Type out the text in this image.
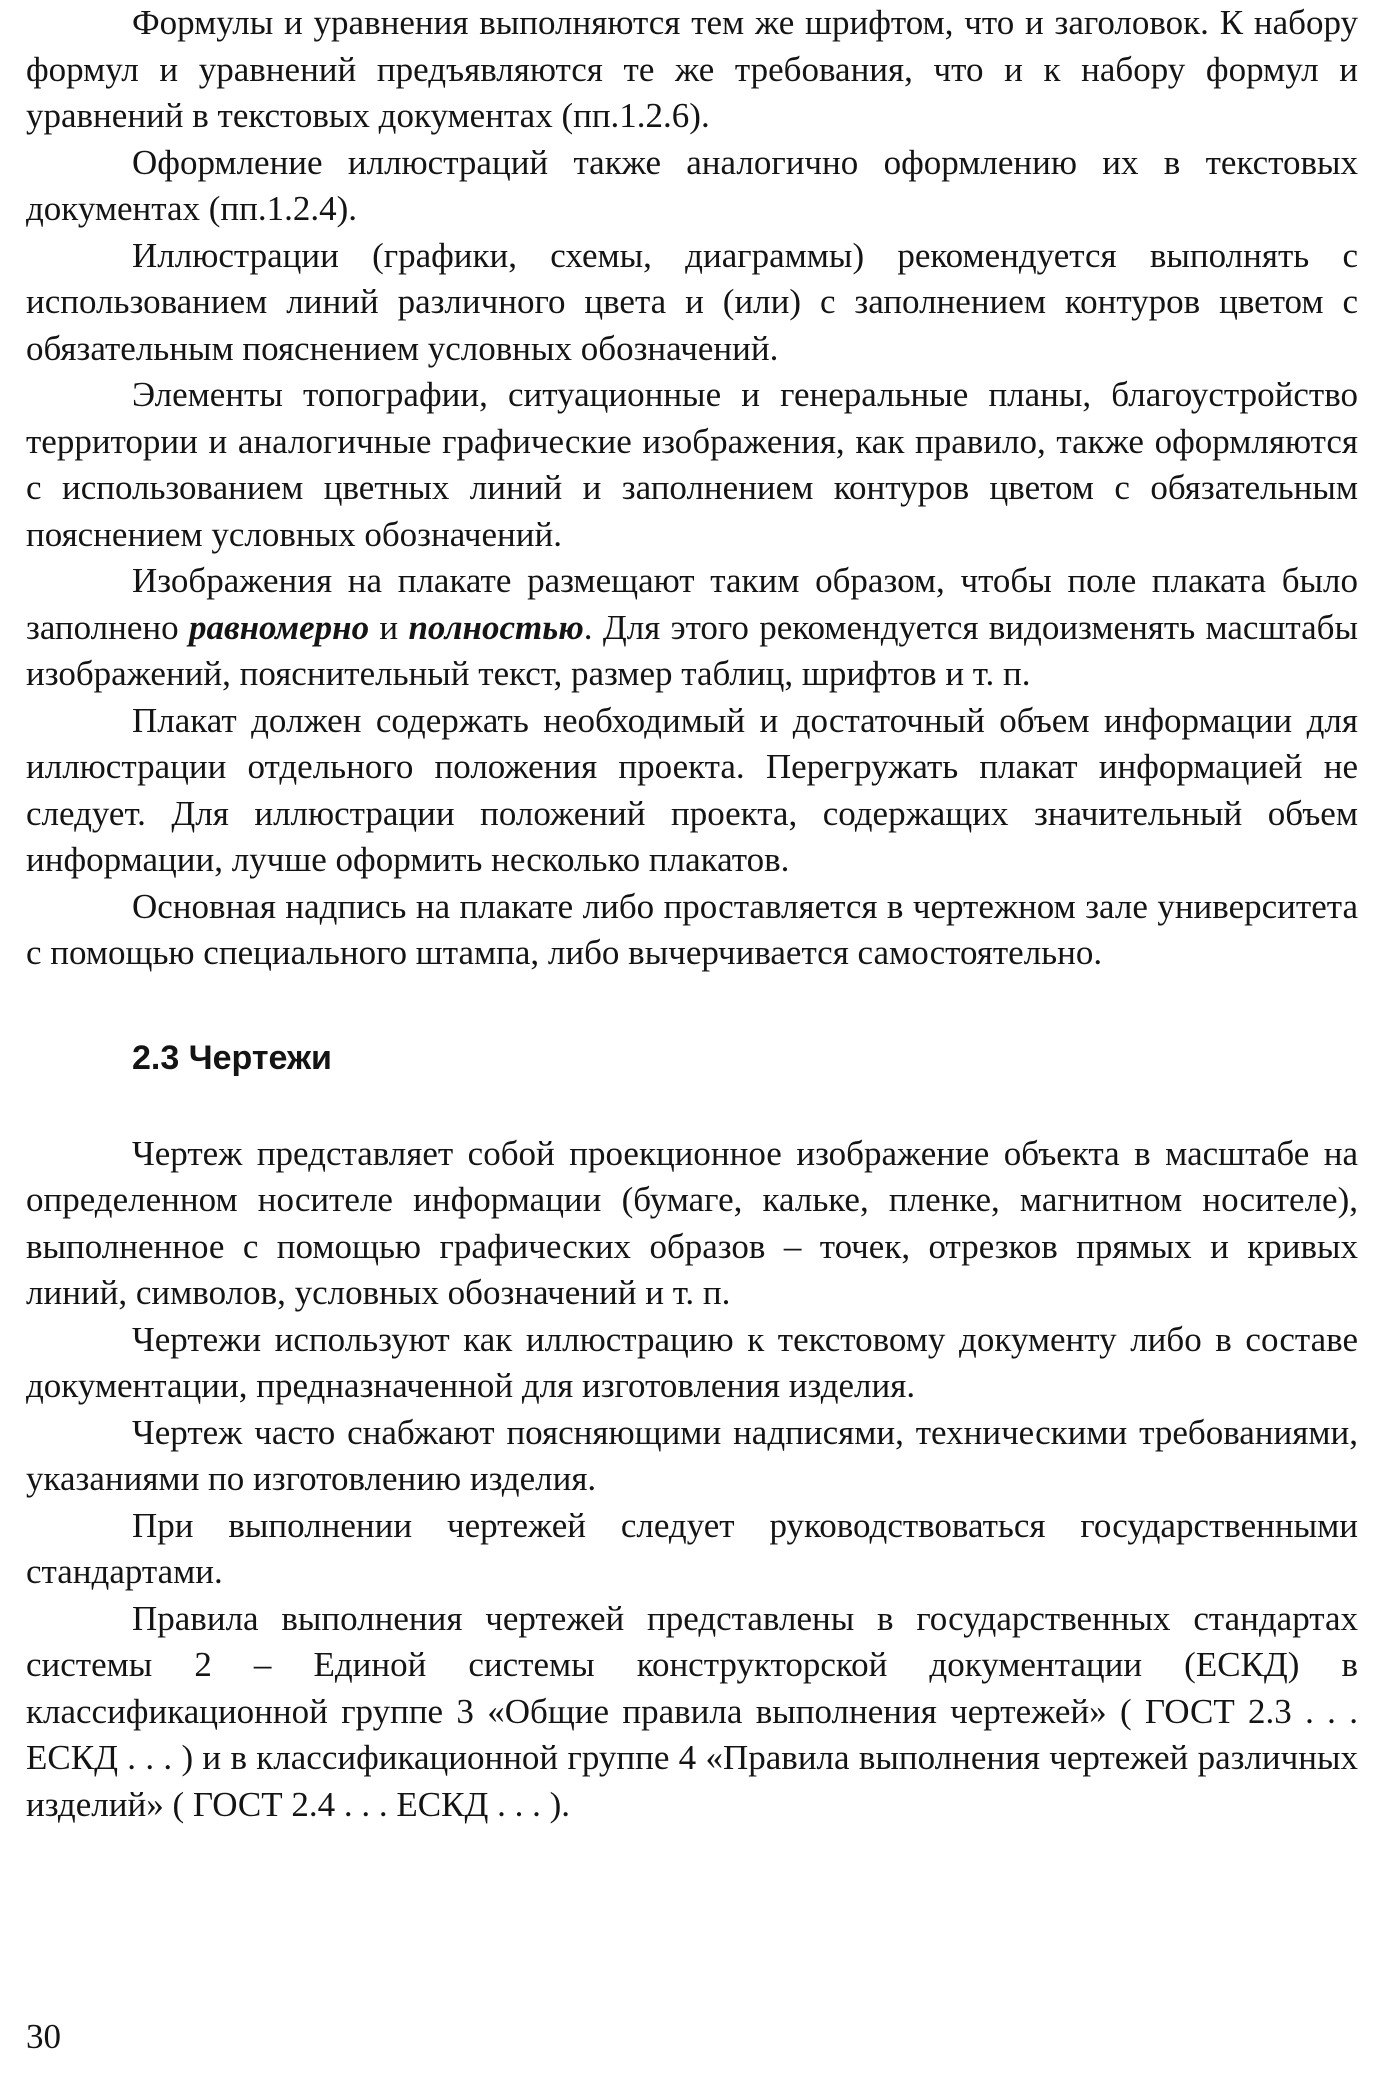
Формулы и уравнения выполняются тем же шрифтом, что и заголовок. К набору формул и уравнений предъявляются те же требования, что и к набору формул и уравнений в текстовых документах (пп.1.2.6).

Оформление иллюстраций также аналогично оформлению их в текстовых документах (пп.1.2.4).

Иллюстрации (графики, схемы, диаграммы) рекомендуется выполнять с использованием линий различного цвета и (или) с заполнением контуров цветом с обязательным пояснением условных обозначений.

Элементы топографии, ситуационные и генеральные планы, благоустройство территории и аналогичные графические изображения, как правило, также оформляются с использованием цветных линий и заполнением контуров цветом с обязательным пояснением условных обозначений.

Изображения на плакате размещают таким образом, чтобы поле плаката было заполнено равномерно и полностью. Для этого рекомендуется видоизменять масштабы изображений, пояснительный текст, размер таблиц, шрифтов и т. п.

Плакат должен содержать необходимый и достаточный объем информации для иллюстрации отдельного положения проекта. Перегружать плакат информацией не следует. Для иллюстрации положений проекта, содержащих значительный объем информации, лучше оформить несколько плакатов.

Основная надпись на плакате либо проставляется в чертежном зале университета с помощью специального штампа, либо вычерчивается самостоятельно.

2.3 Чертежи

Чертеж представляет собой проекционное изображение объекта в масштабе на определенном носителе информации (бумаге, кальке, пленке, магнитном носителе), выполненное с помощью графических образов – точек, отрезков прямых и кривых линий, символов, условных обозначений и т. п.

Чертежи используют как иллюстрацию к текстовому документу либо в составе документации, предназначенной для изготовления изделия.

Чертеж часто снабжают поясняющими надписями, техническими требованиями, указаниями по изготовлению изделия.

При выполнении чертежей следует руководствоваться государственными стандартами.

Правила выполнения чертежей представлены в государственных стандартах системы 2 – Единой системы конструкторской документации (ЕСКД) в классификационной группе 3 «Общие правила выполнения чертежей» ( ГОСТ 2.3 . . . ЕСКД . . . ) и в классификационной группе 4 «Правила выполнения чертежей различных изделий» ( ГОСТ 2.4 . . . ЕСКД . . . ).

30
